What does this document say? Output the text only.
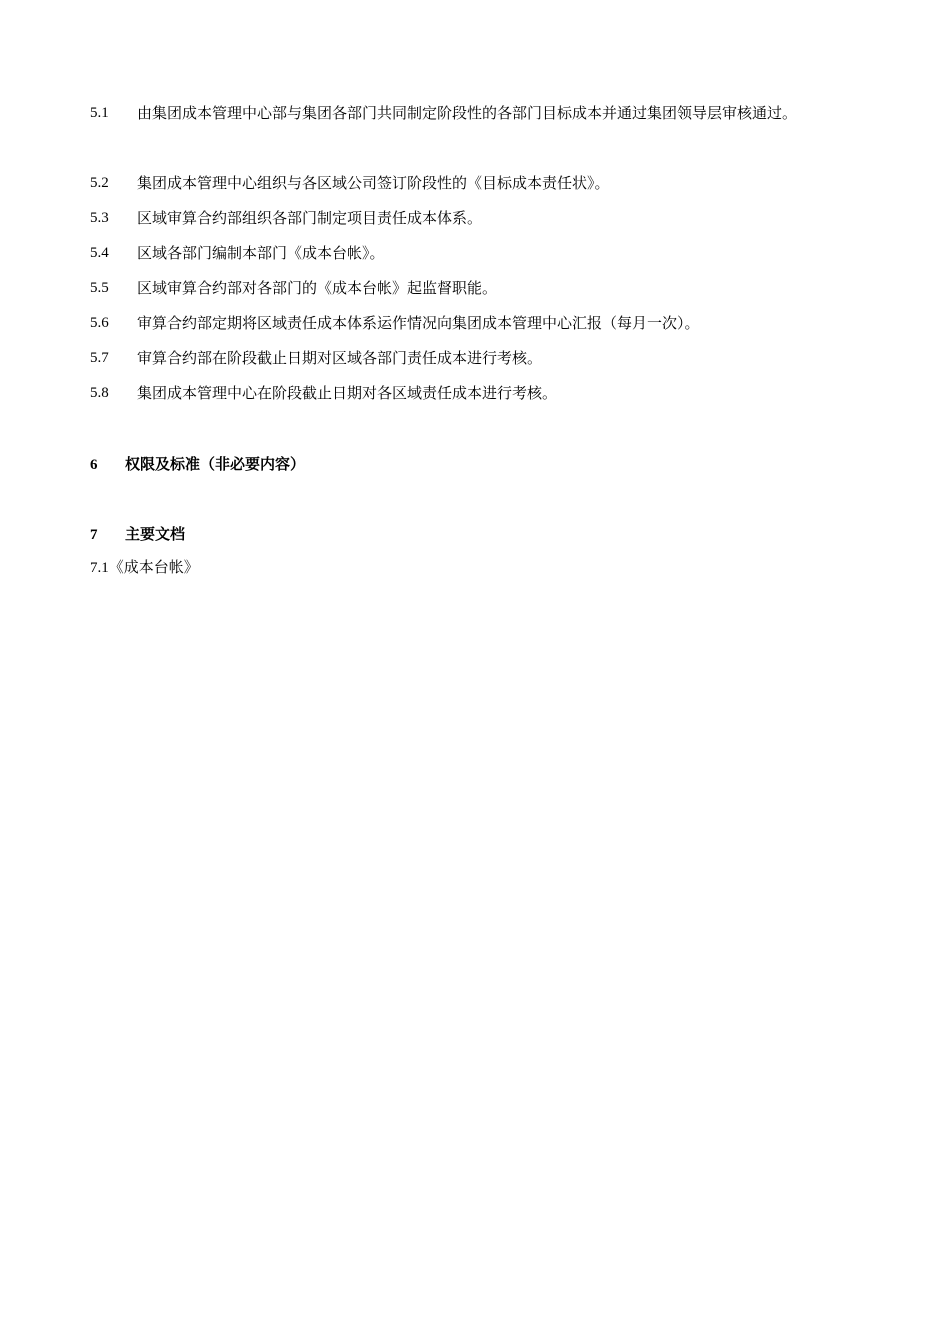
5.1	由集团成本管理中心部与集团各部门共同制定阶段性的各部门目标成本并通过集团领导层审核通过。
5.2	集团成本管理中心组织与各区域公司签订阶段性的《目标成本责任状》。
5.3	区域审算合约部组织各部门制定项目责任成本体系。
5.4	区域各部门编制本部门《成本台帐》。
5.5	区域审算合约部对各部门的《成本台帐》起监督职能。
5.6	审算合约部定期将区域责任成本体系运作情况向集团成本管理中心汇报（每月一次）。
5.7	审算合约部在阶段截止日期对区域各部门责任成本进行考核。
5.8	集团成本管理中心在阶段截止日期对各区域责任成本进行考核。
6 权限及标准（非必要内容）
7 主要文档
7.1《成本台帐》
